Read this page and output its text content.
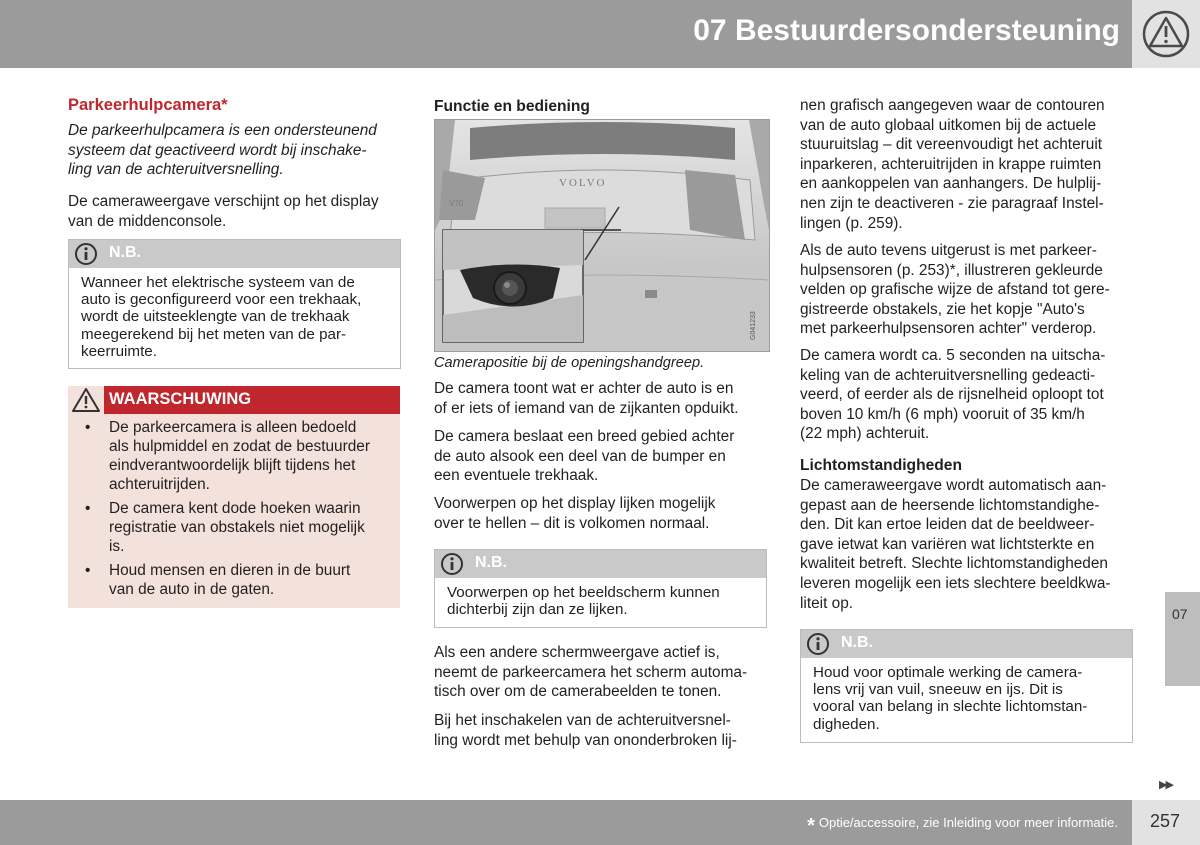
07 Bestuurdersondersteuning
Parkeerhulpcamera*
De parkeerhulpcamera is een ondersteunend
systeem dat geactiveerd wordt bij inschake-
ling van de achteruitversnelling.
De cameraweergave verschijnt op het display
van de middenconsole.
N.B.
Wanneer het elektrische systeem van de
auto is geconfigureerd voor een trekhaak,
wordt de uitsteeklengte van de trekhaak
meegerekend bij het meten van de par-
keerruimte.
WAARSCHUWING
• De parkeercamera is alleen bedoeld
als hulpmiddel en zodat de bestuurder
eindverantwoordelijk blijft tijdens het
achteruitrijden.
• De camera kent dode hoeken waarin
registratie van obstakels niet mogelijk
is.
• Houd mensen en dieren in de buurt
van de auto in de gaten.
Functie en bediening
VOLVO
V70
G041233
Camerapositie bij de openingshandgreep.
De camera toont wat er achter de auto is en
of er iets of iemand van de zijkanten opduikt.
De camera beslaat een breed gebied achter
de auto alsook een deel van de bumper en
een eventuele trekhaak.
Voorwerpen op het display lijken mogelijk
over te hellen – dit is volkomen normaal.
N.B.
Voorwerpen op het beeldscherm kunnen
dichterbij zijn dan ze lijken.
Als een andere schermweergave actief is,
neemt de parkeercamera het scherm automa-
tisch over om de camerabeelden te tonen.
Bij het inschakelen van de achteruitversnel-
ling wordt met behulp van ononderbroken lij-
nen grafisch aangegeven waar de contouren
van de auto globaal uitkomen bij de actuele
stuuruitslag – dit vereenvoudigt het achteruit
inparkeren, achteruitrijden in krappe ruimten
en aankoppelen van aanhangers. De hulplij-
nen zijn te deactiveren - zie paragraaf Instel-
lingen (p. 259).
Als de auto tevens uitgerust is met parkeer-
hulpsensoren (p. 253)*, illustreren gekleurde
velden op grafische wijze de afstand tot gere-
gistreerde obstakels, zie het kopje "Auto's
met parkeerhulpsensoren achter" verderop.
De camera wordt ca. 5 seconden na uitscha-
keling van de achteruitversnelling gedeacti-
veerd, of eerder als de rijsnelheid oploopt tot
boven 10 km/h (6 mph) vooruit of 35 km/h
(22 mph) achteruit.
Lichtomstandigheden
De cameraweergave wordt automatisch aan-
gepast aan de heersende lichtomstandighe-
den. Dit kan ertoe leiden dat de beeldweer-
gave ietwat kan variëren wat lichtsterkte en
kwaliteit betreft. Slechte lichtomstandigheden
leveren mogelijk een iets slechtere beeldkwa-
liteit op.
N.B.
Houd voor optimale werking de camera-
lens vrij van vuil, sneeuw en ijs. Dit is
vooral van belang in slechte lichtomstan-
digheden.
07
▶▶
* Optie/accessoire, zie Inleiding voor meer informatie. 257
